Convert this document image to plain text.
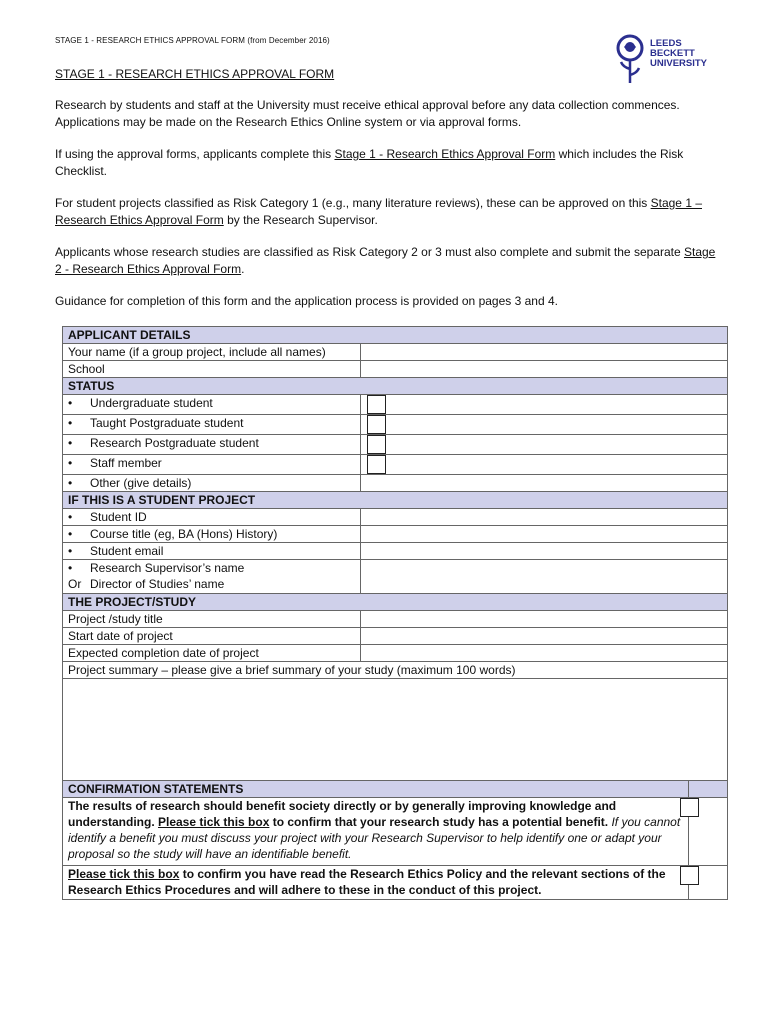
STAGE 1 - RESEARCH ETHICS APPROVAL FORM (from December 2016)	LEEDS
BECKETT
UNIVERSITY
STAGE 1 - RESEARCH ETHICS APPROVAL FORM
Research by students and staff at the University must receive ethical approval before any data collection commences. Applications may be made on the Research Ethics Online system or via approval forms.
If using the approval forms, applicants complete this Stage 1 - Research Ethics Approval Form which includes the Risk Checklist.
For student projects classified as Risk Category 1 (e.g., many literature reviews), these can be approved on this Stage 1 – Research Ethics Approval Form by the Research Supervisor.
Applicants whose research studies are classified as Risk Category 2 or 3 must also complete and submit the separate Stage 2 - Research Ethics Approval Form.
Guidance for completion of this form and the application process is provided on pages 3 and 4.
APPLICANT DETAILS		
Your name (if a group project, include all names)		
School		
STATUS		
• Undergraduate student		
• Taught Postgraduate student		
• Research Postgraduate student		
• Staff member		
• Other (give details)		
IF THIS IS A STUDENT PROJECT		
• Student ID		
• Course title (eg, BA (Hons) History)		
• Student email		
• Research Supervisor’s name
Or Director of Studies’ name		
THE PROJECT/STUDY		
Project /study title		
Start date of project		
Expected completion date of project		
Project summary – please give a brief summary of your study (maximum 100 words)		

CONFIRMATION STATEMENTS		
The results of research should benefit society directly or by generally improving knowledge and understanding. Please tick this box to confirm that your research study has a potential benefit. If you cannot identify a benefit you must discuss your project with your Research Supervisor to help identify one or adapt your proposal so the study will have an identifiable benefit.		
Please tick this box to confirm you have read the Research Ethics Policy and the relevant sections of the Research Ethics Procedures and will adhere to these in the conduct of this project.		
